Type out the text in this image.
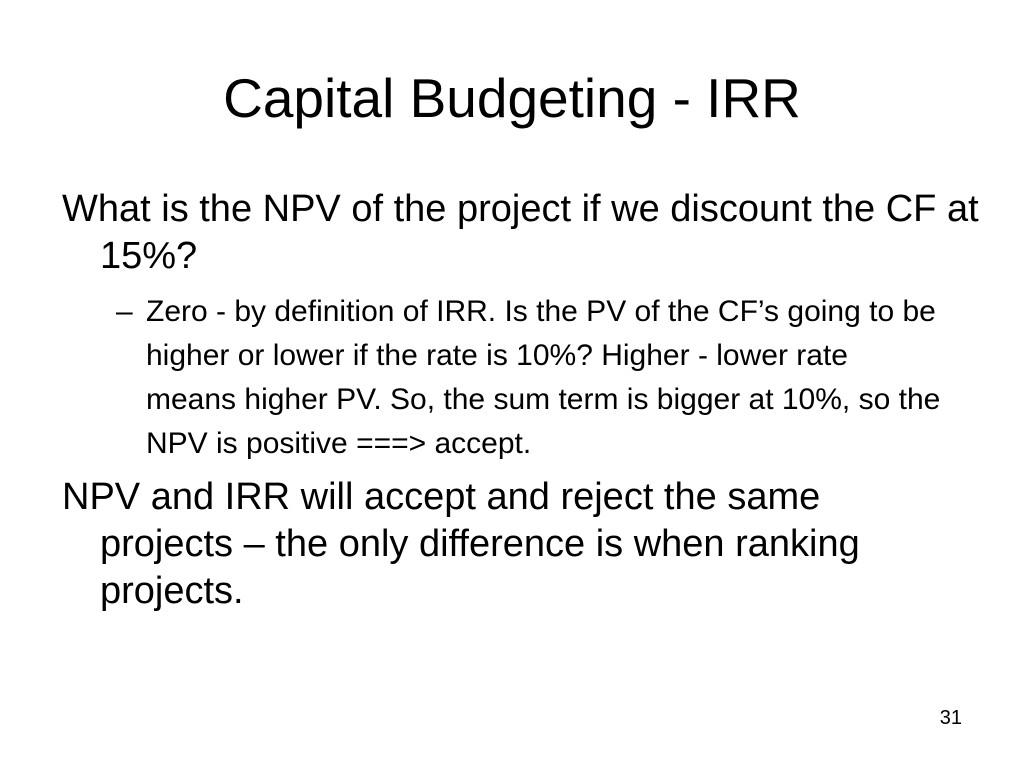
Capital Budgeting - IRR

What is the NPV of the project if we discount the CF at 15%?

– Zero - by definition of IRR. Is the PV of the CF’s going to be higher or lower if the rate is 10%? Higher - lower rate means higher PV. So, the sum term is bigger at 10%, so the NPV is positive ===> accept.

NPV and IRR will accept and reject the same projects – the only difference is when ranking projects.

31
